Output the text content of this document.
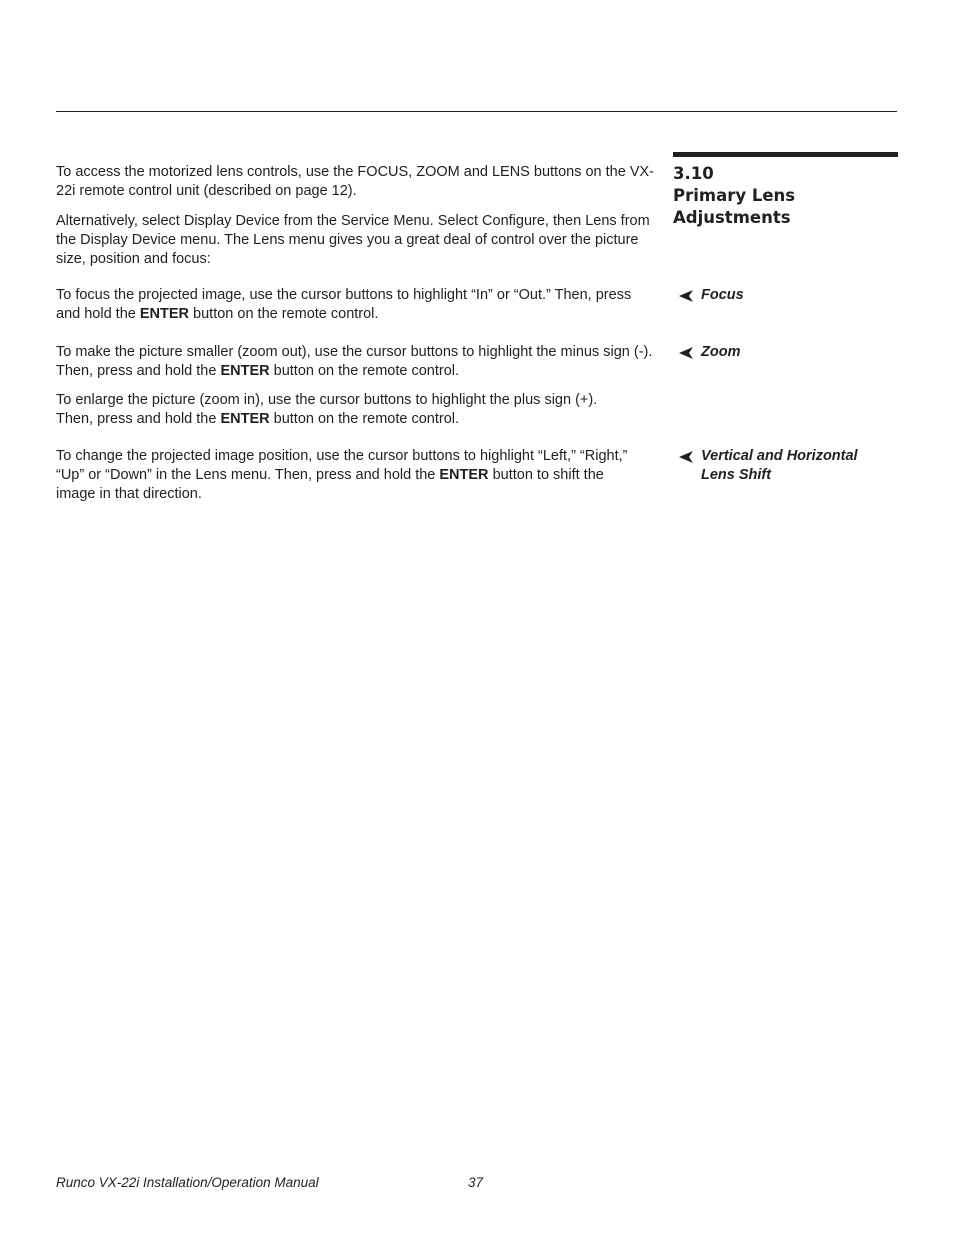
3.10
Primary Lens Adjustments

To access the motorized lens controls, use the FOCUS, ZOOM and LENS buttons on the VX-22i remote control unit (described on page 12).

Alternatively, select Display Device from the Service Menu. Select Configure, then Lens from the Display Device menu. The Lens menu gives you a great deal of control over the picture size, position and focus:

Focus

To focus the projected image, use the cursor buttons to highlight “In” or “Out.” Then, press and hold the ENTER button on the remote control.

Zoom

To make the picture smaller (zoom out), use the cursor buttons to highlight the minus sign (-). Then, press and hold the ENTER button on the remote control.

To enlarge the picture (zoom in), use the cursor buttons to highlight the plus sign (+). Then, press and hold the ENTER button on the remote control.

Vertical and Horizontal Lens Shift

To change the projected image position, use the cursor buttons to highlight “Left,” “Right,” “Up” or “Down” in the Lens menu. Then, press and hold the ENTER button to shift the image in that direction.

Runco VX-22i Installation/Operation Manual	37
